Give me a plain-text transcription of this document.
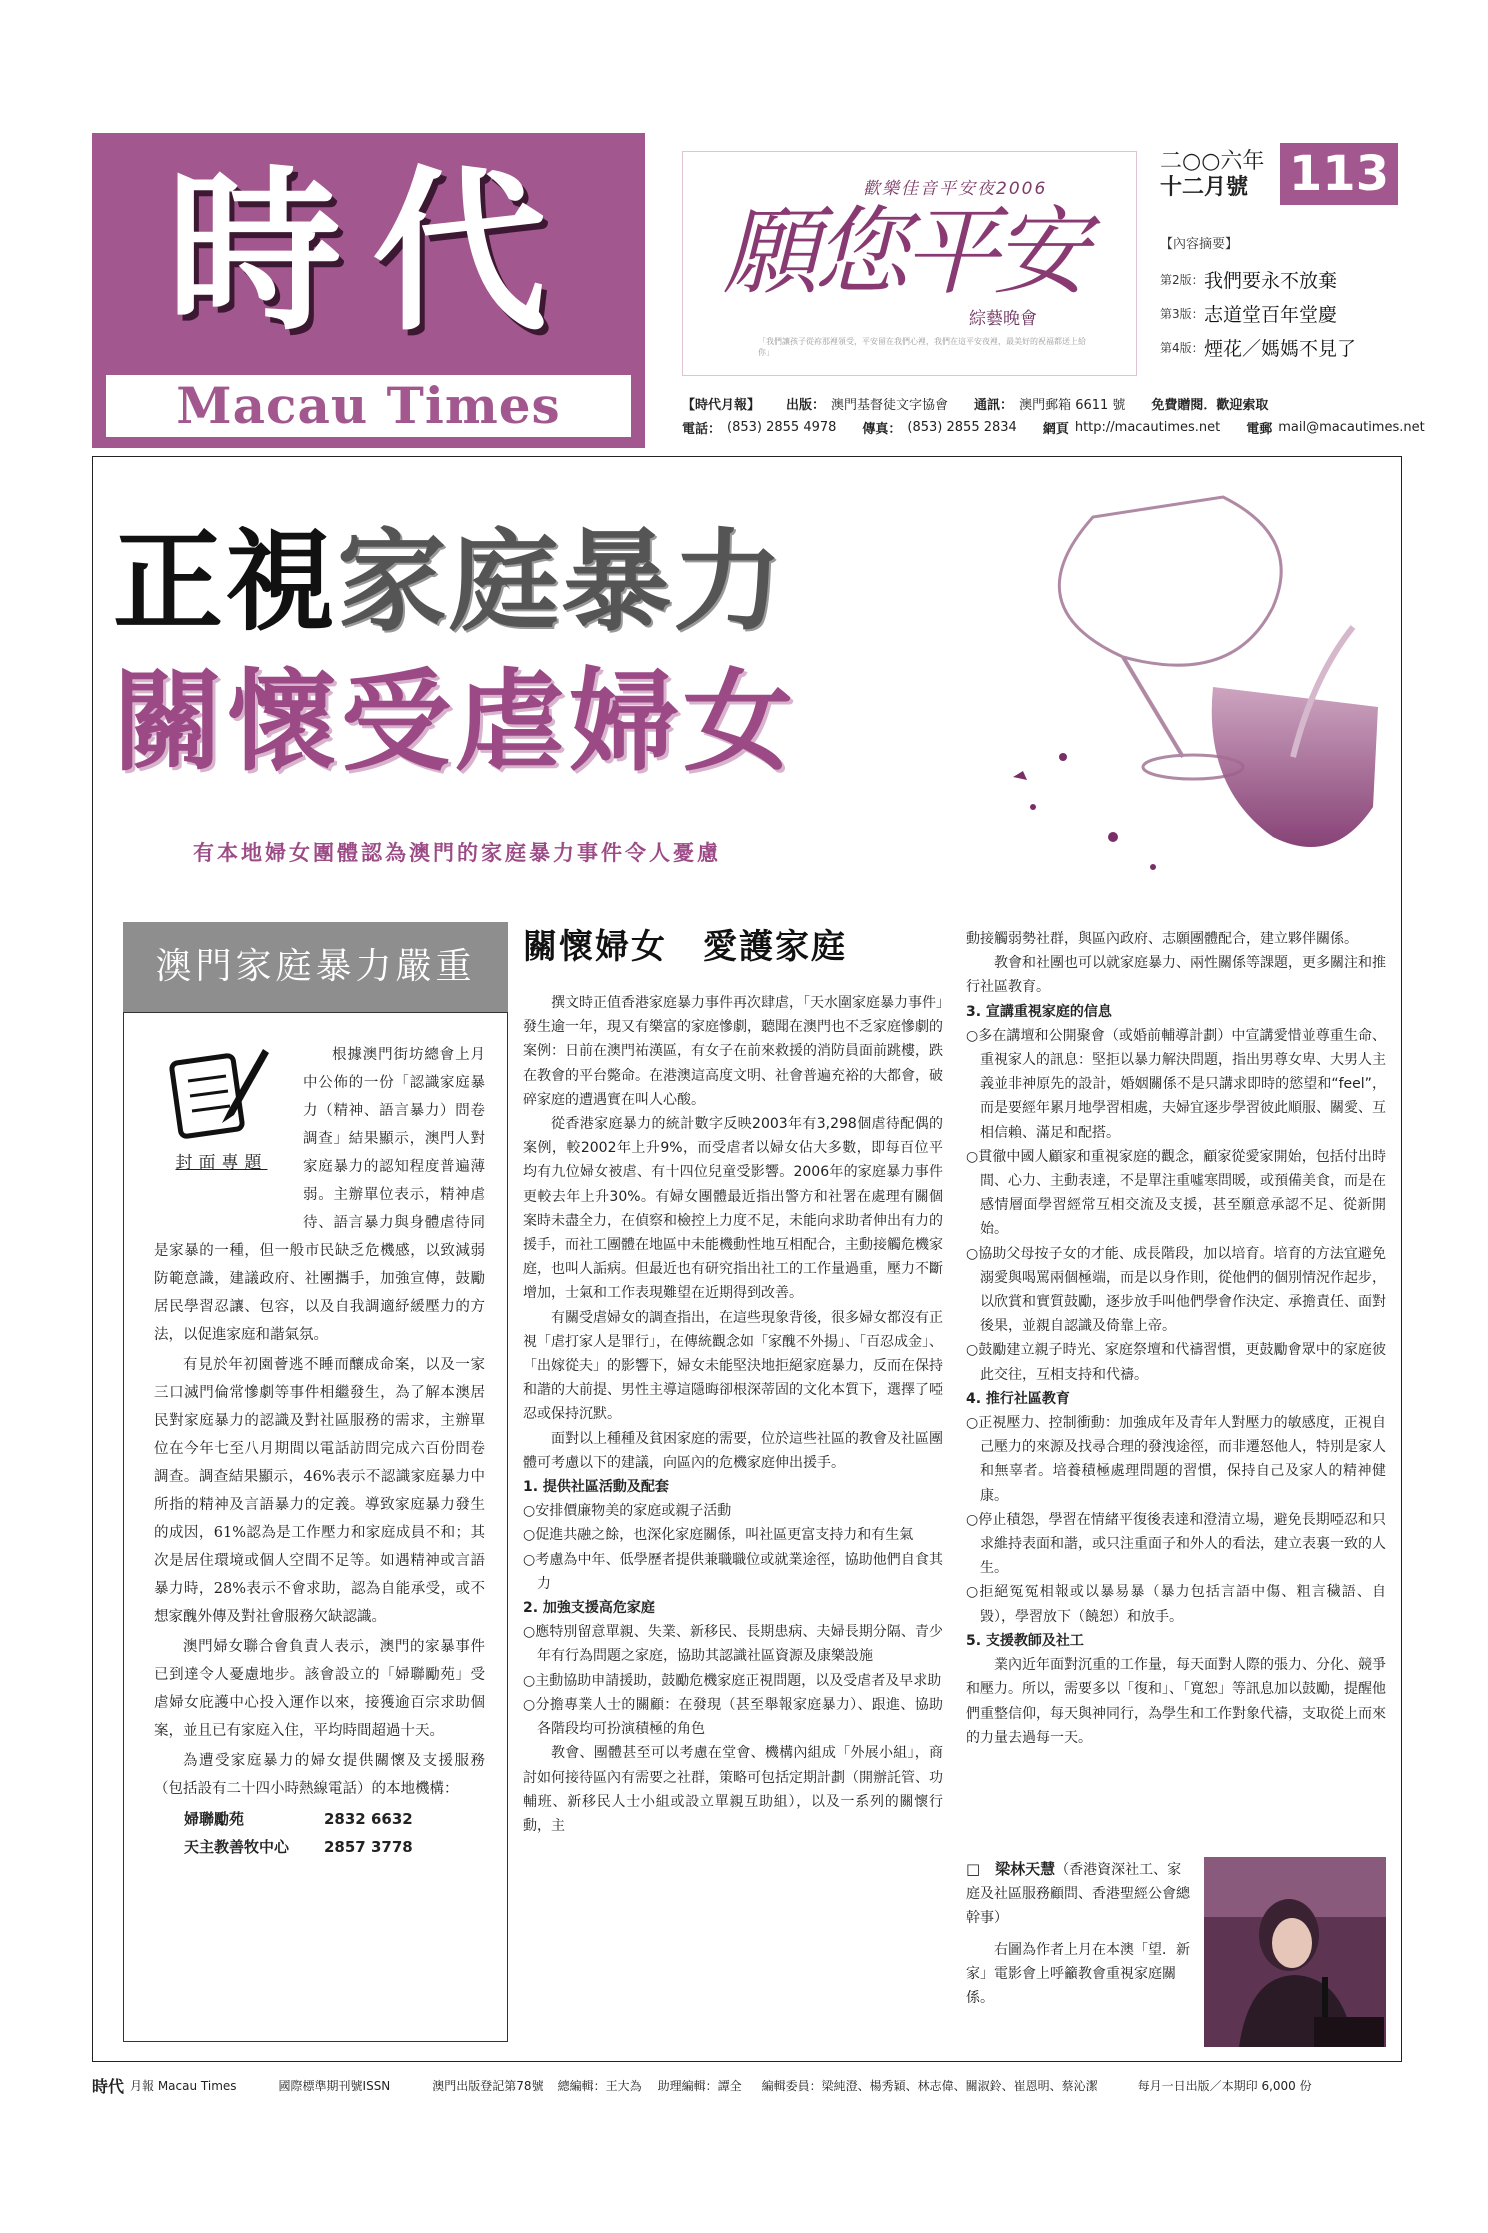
時代
Macau Times
歡樂佳音平安夜2006
願您平安
綜藝晚會
「我們讓孩子從祢那裡領受，平安留在我們心裡，我們在這平安夜裡，最美好的祝福都送上給你」
二○○六年
十二月號 113
【內容摘要】
第2版： 我們要永不放棄
第3版： 志道堂百年堂慶
第4版： 煙花／媽媽不見了
【時代月報】 出版： 澳門基督徒文字協會 通訊： 澳門郵箱 6611 號 免費贈閱．歡迎索取
電話： (853) 2855 4978 傳真： (853) 2855 2834 網頁 http://macautimes.net 電郵 mail@macautimes.net
正視家庭暴力
關懷受虐婦女
有本地婦女團體認為澳門的家庭暴力事件令人憂慮
澳門家庭暴力嚴重
封面專題

根據澳門街坊總會上月中公佈的一份「認識家庭暴力（精神、語言暴力）問卷調查」結果顯示，澳門人對家庭暴力的認知程度普遍薄弱。主辦單位表示，精神虐待、語言暴力與身體虐待同是家暴的一種，但一般市民缺乏危機感，以致減弱防範意識，建議政府、社團攜手，加強宣傳，鼓勵居民學習忍讓、包容，以及自我調適紓緩壓力的方法，以促進家庭和諧氣氛。

有見於年初園薈逃不睡而釀成命案，以及一家三口滅門倫常慘劇等事件相繼發生，為了解本澳居民對家庭暴力的認識及對社區服務的需求，主辦單位在今年七至八月期間以電話訪問完成六百份問卷調查。調查結果顯示，46%表示不認識家庭暴力中所指的精神及言語暴力的定義。導致家庭暴力發生的成因，61%認為是工作壓力和家庭成員不和；其次是居住環境或個人空間不足等。如遇精神或言語暴力時，28%表示不會求助，認為自能承受，或不想家醜外傳及對社會服務欠缺認識。

澳門婦女聯合會負責人表示，澳門的家暴事件已到達令人憂慮地步。該會設立的「婦聯勵苑」受虐婦女庇護中心投入運作以來，接獲逾百宗求助個案，並且已有家庭入住，平均時間超過十天。

為遭受家庭暴力的婦女提供關懷及支援服務（包括設有二十四小時熱線電話）的本地機構：

婦聯勵苑	2832 6632
天主教善牧中心	2857 3778
關懷婦女　愛護家庭

撰文時正值香港家庭暴力事件再次肆虐，「天水圍家庭暴力事件」發生逾一年，現又有樂富的家庭慘劇，聽聞在澳門也不乏家庭慘劇的案例：日前在澳門祐漢區，有女子在前來救援的消防員面前跳樓，跌在教會的平台斃命。在港澳這高度文明、社會普遍充裕的大都會，破碎家庭的遭遇實在叫人心酸。

從香港家庭暴力的統計數字反映2003年有3,298個虐待配偶的案例，較2002年上升9%，而受虐者以婦女佔大多數，即每百位平均有九位婦女被虐、有十四位兒童受影響。2006年的家庭暴力事件更較去年上升30%。有婦女團體最近指出警方和社署在處理有關個案時未盡全力，在偵察和檢控上力度不足，未能向求助者伸出有力的援手，而社工團體在地區中未能機動性地互相配合，主動接觸危機家庭，也叫人詬病。但最近也有研究指出社工的工作量過重，壓力不斷增加，士氣和工作表現難望在近期得到改善。

有關受虐婦女的調查指出，在這些現象背後，很多婦女都沒有正視「虐打家人是罪行」，在傳統觀念如「家醜不外揚」、「百忍成金」、「出嫁從夫」的影響下，婦女未能堅決地拒絕家庭暴力，反而在保持和諧的大前提、男性主導這隱晦卻根深蒂固的文化本質下，選擇了啞忍或保持沉默。

面對以上種種及貧困家庭的需要，位於這些社區的教會及社區團體可考慮以下的建議，向區內的危機家庭伸出援手。

1. 提供社區活動及配套

○安排價廉物美的家庭或親子活動

○促進共融之餘，也深化家庭關係，叫社區更富支持力和有生氣

○考慮為中年、低學歷者提供兼職職位或就業途徑，協助他們自食其力

2. 加強支援高危家庭

○應特別留意單親、失業、新移民、長期患病、夫婦長期分隔、青少年有行為問題之家庭，協助其認識社區資源及康樂設施

○主動協助申請援助，鼓勵危機家庭正視問題，以及受虐者及早求助

○分擔專業人士的關顧：在發現（甚至舉報家庭暴力）、跟進、協助各階段均可扮演積極的角色

教會、團體甚至可以考慮在堂會、機構內組成「外展小組」，商討如何接待區內有需要之社群，策略可包括定期計劃（開辦託管、功輔班、新移民人士小組或設立單親互助組），以及一系列的關懷行動，主

動接觸弱勢社群，與區內政府、志願團體配合，建立夥伴關係。

教會和社團也可以就家庭暴力、兩性關係等課題，更多關注和推行社區教育。

3. 宣講重視家庭的信息

○多在講壇和公開聚會（或婚前輔導計劃）中宣講愛惜並尊重生命、重視家人的訊息：堅拒以暴力解決問題，指出男尊女卑、大男人主義並非神原先的設計，婚姻關係不是只講求即時的慾望和“feel”，而是要經年累月地學習相處，夫婦宜逐步學習彼此順服、關愛、互相信賴、滿足和配搭。

○貫徹中國人顧家和重視家庭的觀念，顧家從愛家開始，包括付出時間、心力、主動表達，不是單注重噓寒問暖，或預備美食，而是在感情層面學習經常互相交流及支援，甚至願意承認不足、從新開始。

○協助父母按子女的才能、成長階段，加以培育。培育的方法宜避免溺愛與喝罵兩個極端，而是以身作則，從他們的個別情況作起步，以欣賞和實質鼓勵，逐步放手叫他們學會作決定、承擔責任、面對後果，並親自認識及倚靠上帝。

○鼓勵建立親子時光、家庭祭壇和代禱習慣，更鼓勵會眾中的家庭彼此交往，互相支持和代禱。

4. 推行社區教育

○正視壓力、控制衝動：加強成年及青年人對壓力的敏感度，正視自己壓力的來源及找尋合理的發洩途徑，而非遷怒他人，特別是家人和無辜者。培養積極處理問題的習慣，保持自己及家人的精神健康。

○停止積怨，學習在情緒平復後表達和澄清立場，避免長期啞忍和只求維持表面和諧，或只注重面子和外人的看法，建立表裏一致的人生。

○拒絕冤冤相報或以暴易暴（暴力包括言語中傷、粗言穢語、自毀），學習放下（饒恕）和放手。

5. 支援教師及社工

業內近年面對沉重的工作量，每天面對人際的張力、分化、競爭和壓力。所以，需要多以「復和」、「寬恕」等訊息加以鼓勵，提醒他們重整信仰，每天與神同行，為學生和工作對象代禱，支取從上而來的力量去過每一天。

□　梁林天慧（香港資深社工、家庭及社區服務顧問、香港聖經公會總幹事）
右圖為作者上月在本澳「望．新家」電影會上呼籲教會重視家庭關係。
時代 月報 Macau Times	國際標準期刊號ISSN	澳門出版登記第78號 總編輯：王大為 助理編輯：譚全 編輯委員：梁純澄、楊秀穎、林志偉、關淑鈴、崔恩明、蔡沁潔	每月一日出版／本期印 6,000 份
